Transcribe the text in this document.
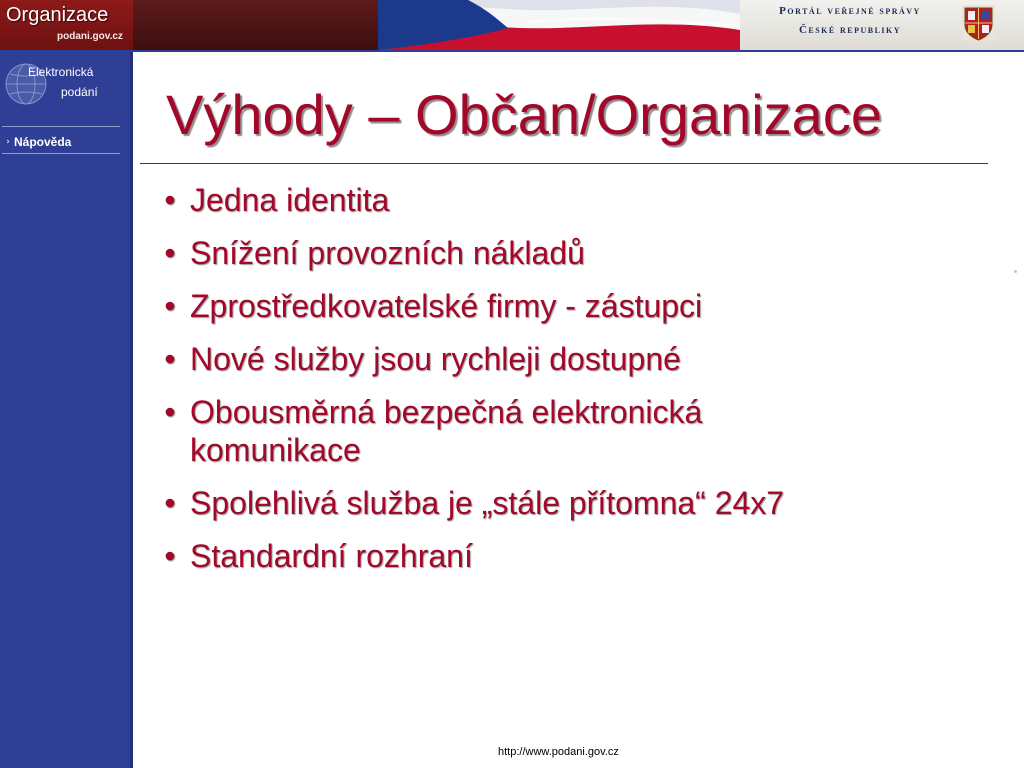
Organizace
podani.gov.cz
Portál veřejné správy
České republiky
Elektronická
podání
› Nápověda Výhody – Občan/Organizace
• Jedna identita
• Snížení provozních nákladů
• Zprostředkovatelské firmy - zástupci
• Nové služby jsou rychleji dostupné
• Obousměrná bezpečná elektronická komunikace
• Spolehlivá služba je „stále přítomna“ 24x7
• Standardní rozhraní
http://www.podani.gov.cz
